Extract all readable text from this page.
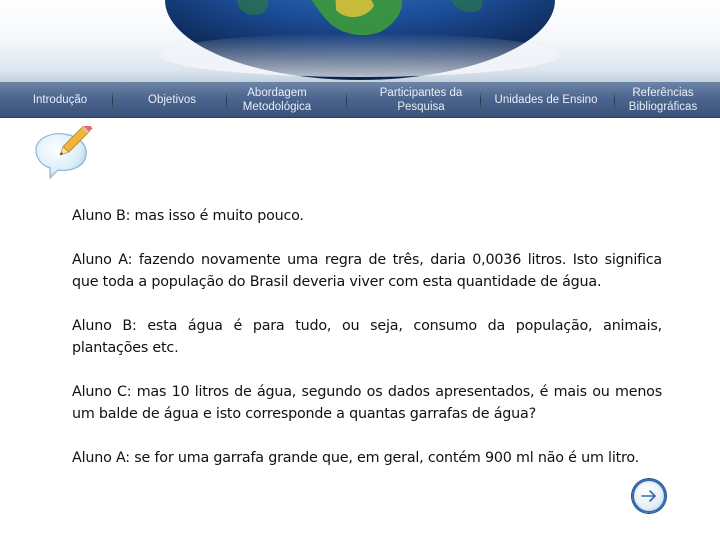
Introdução	Objetivos
Abordagem
Metodológica
Participantes da
Pesquisa
Unidades de Ensino
Referências
Bibliográficas

Aluno B: mas isso é muito pouco.

Aluno A: fazendo novamente uma regra de três, daria 0,0036 litros. Isto significa que toda a população do Brasil deveria viver com esta quantidade de água.

Aluno B: esta água é para tudo, ou seja, consumo da população, animais, plantações etc.

Aluno C: mas 10 litros de água, segundo os dados apresentados, é mais ou menos um balde de água e isto corresponde a quantas garrafas de água?

Aluno A: se for uma garrafa grande que, em geral, contém 900 ml não é um litro.
